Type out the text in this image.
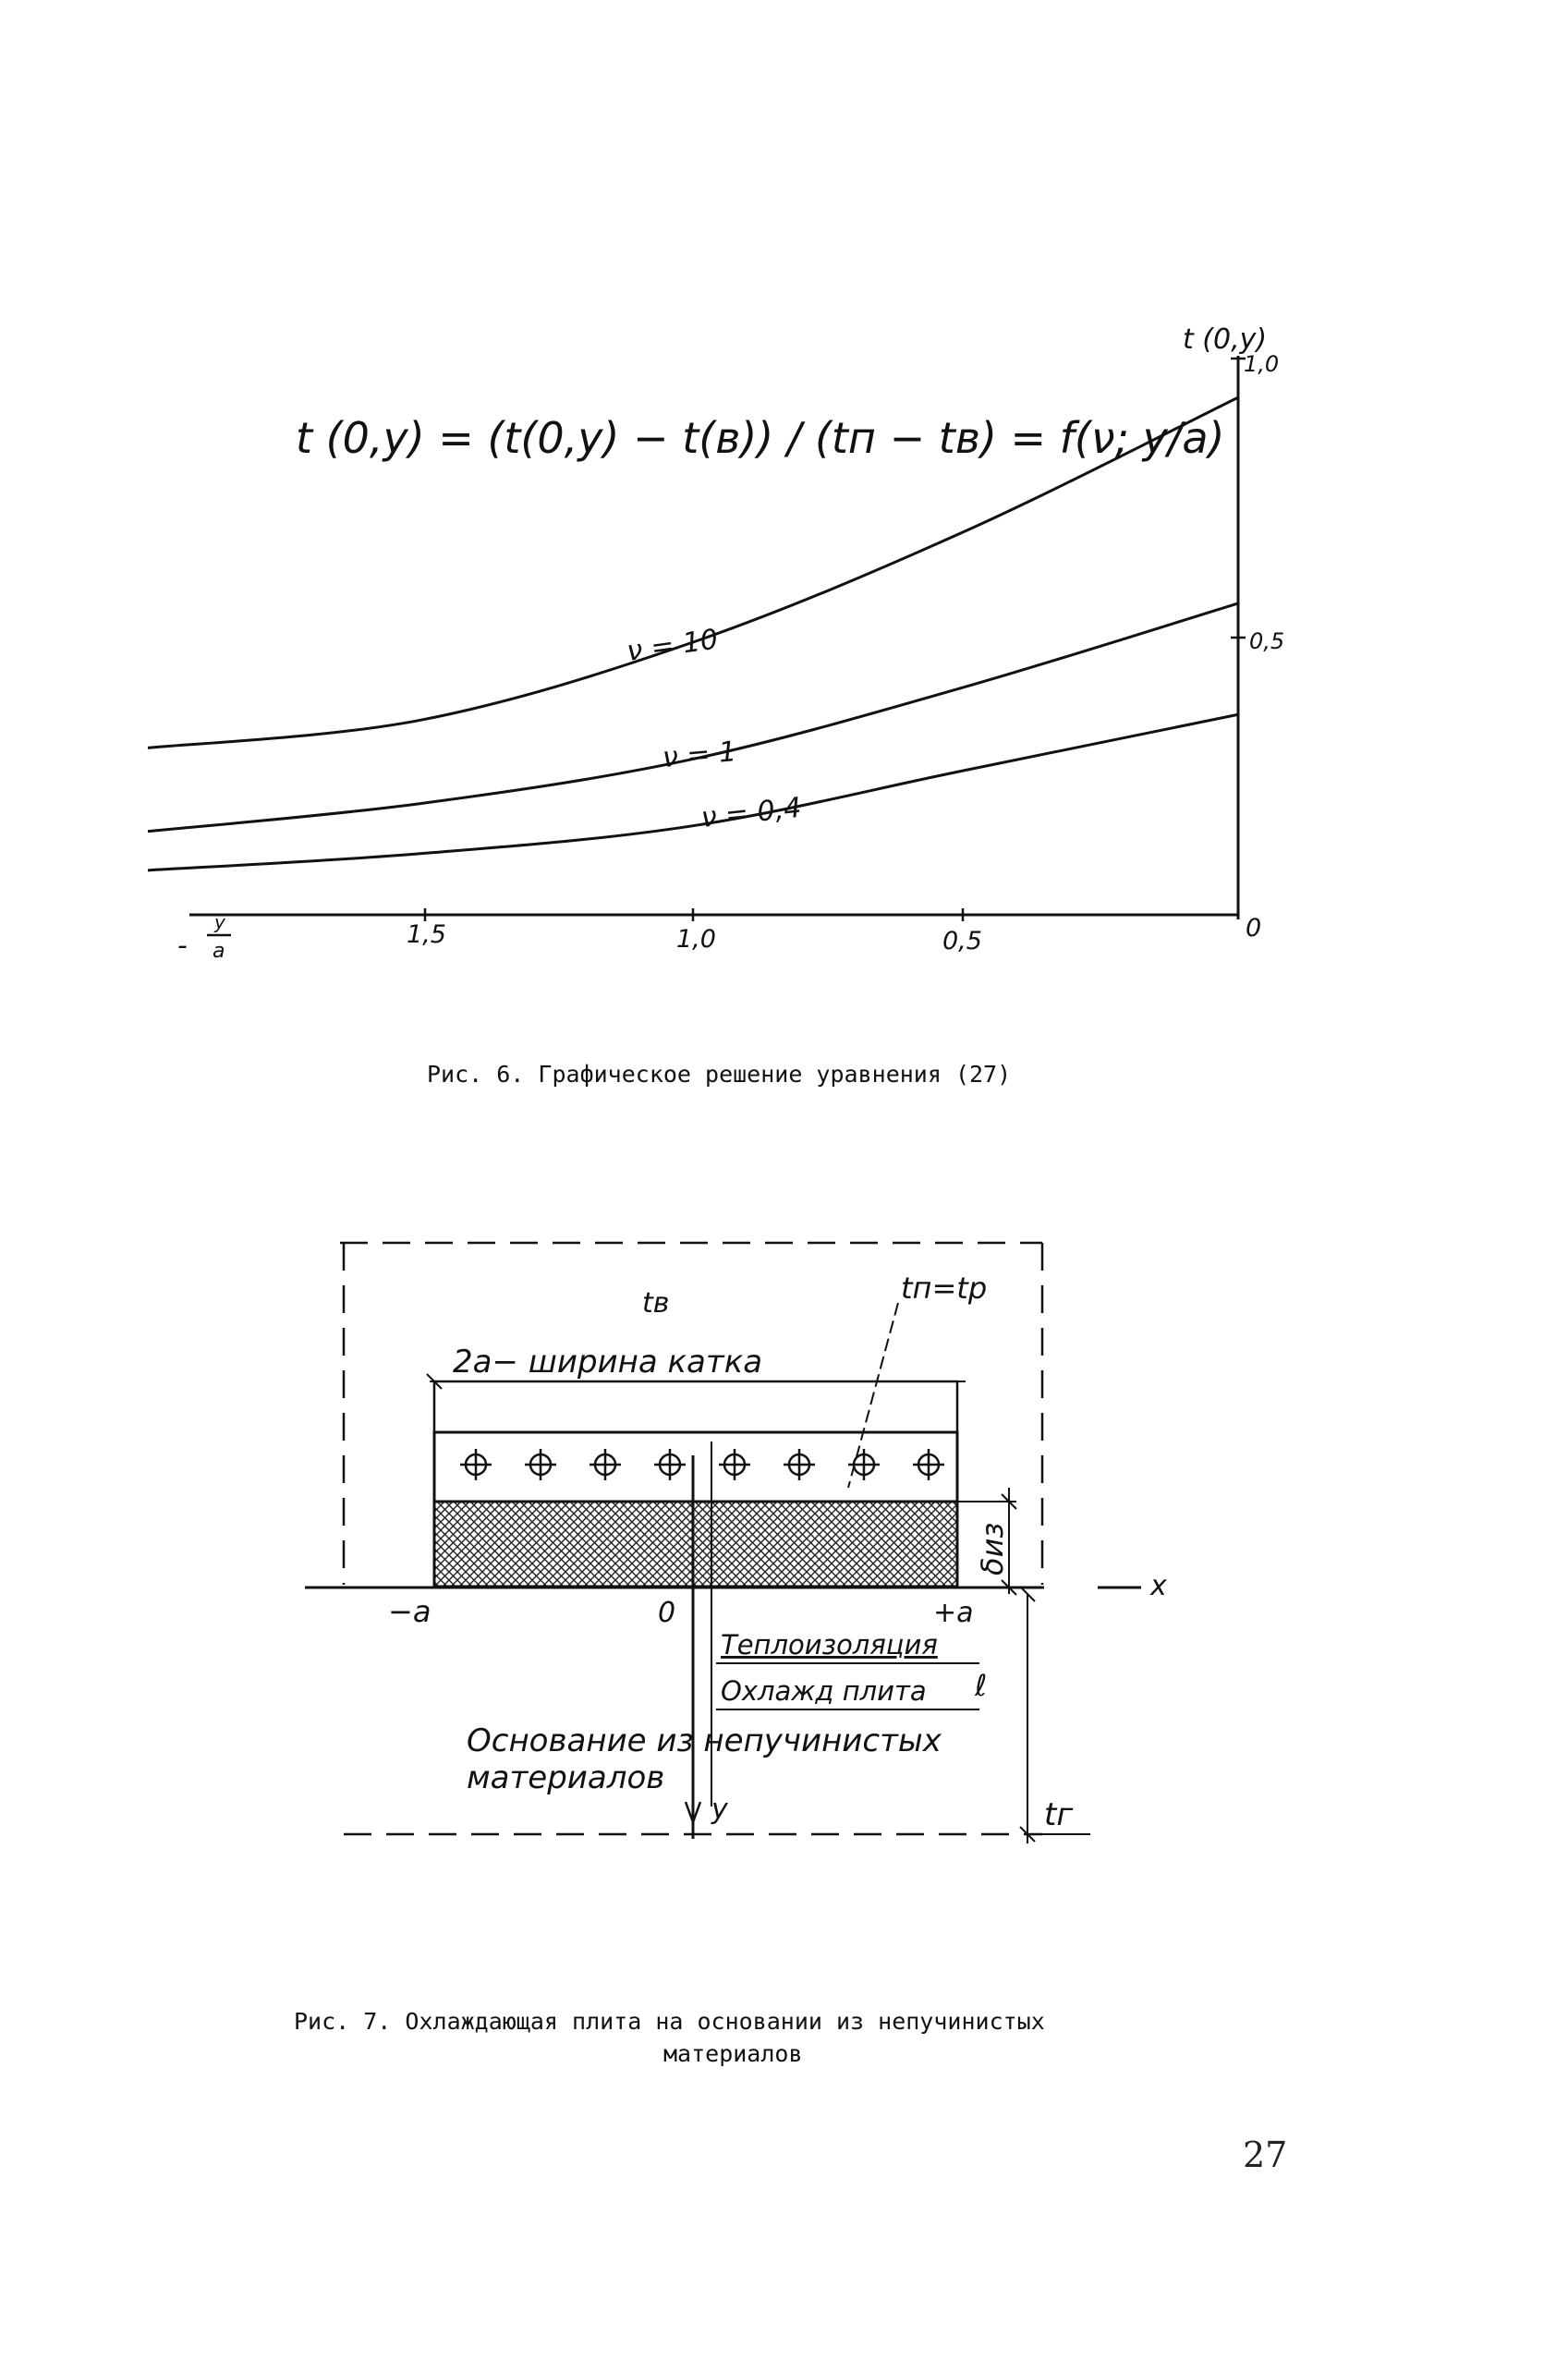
t (0,y)
1,0
0,5
1,5	1,0	0,5	0
-
y
a
t (0,y) = (t(0,y) − t(в)) / (tп − tв) = f(ν; y/a)
ν = 10
ν = 1
ν = 0,4
x
2a− ширина катка
tв	tп=tр
y
−a	0	+a
δиз
Теплоизоляция
Охлажд плита ℓ
tг
Основание из непучинистых
материалов
Рис. 6. Графическое решение уравнения (27)
Рис. 7. Охлаждающая плита на основании из непучинистых
материалов
27
